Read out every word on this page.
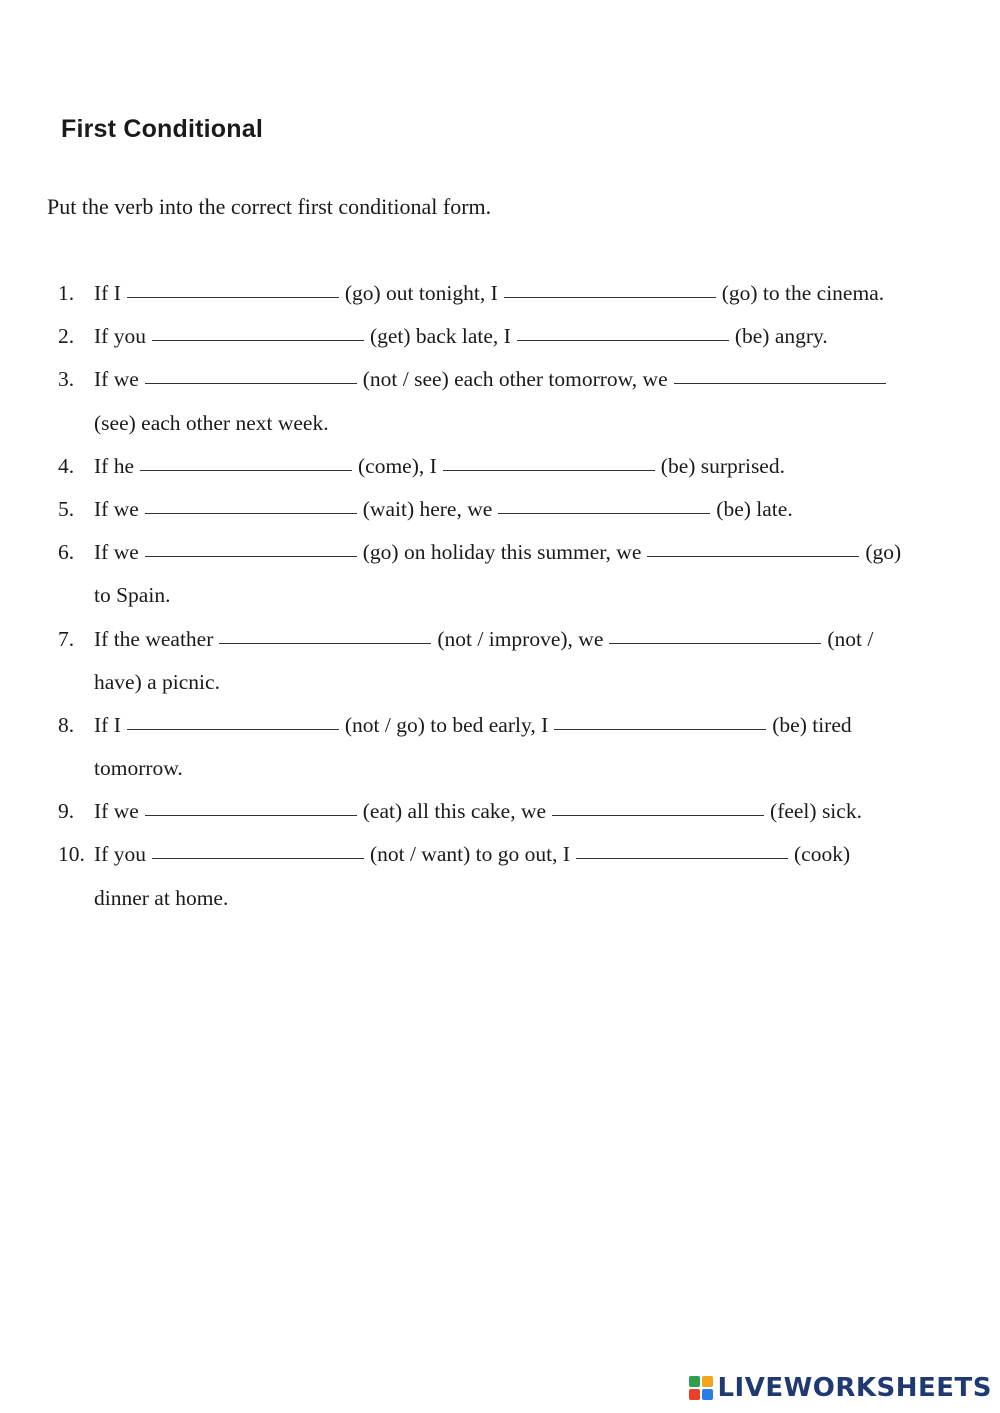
First Conditional
Put the verb into the correct first conditional form.
1. If I	(go) out tonight, I	(go) to the cinema.
2. If you	(get) back late, I	(be) angry.
3. If we	(not / see) each other tomorrow, we
(see) each other next week.
4. If he	(come), I	(be) surprised.
5. If we	(wait) here, we	(be) late.
6. If we	(go) on holiday this summer, we	(go)
to Spain.
7. If the weather	(not / improve), we	(not /
have) a picnic.
8. If I	(not / go) to bed early, I	(be) tired
tomorrow.
9. If we	(eat) all this cake, we	(feel) sick.
10. If you	(not / want) to go out, I	(cook)
dinner at home.
LIVEWORKSHEETS
